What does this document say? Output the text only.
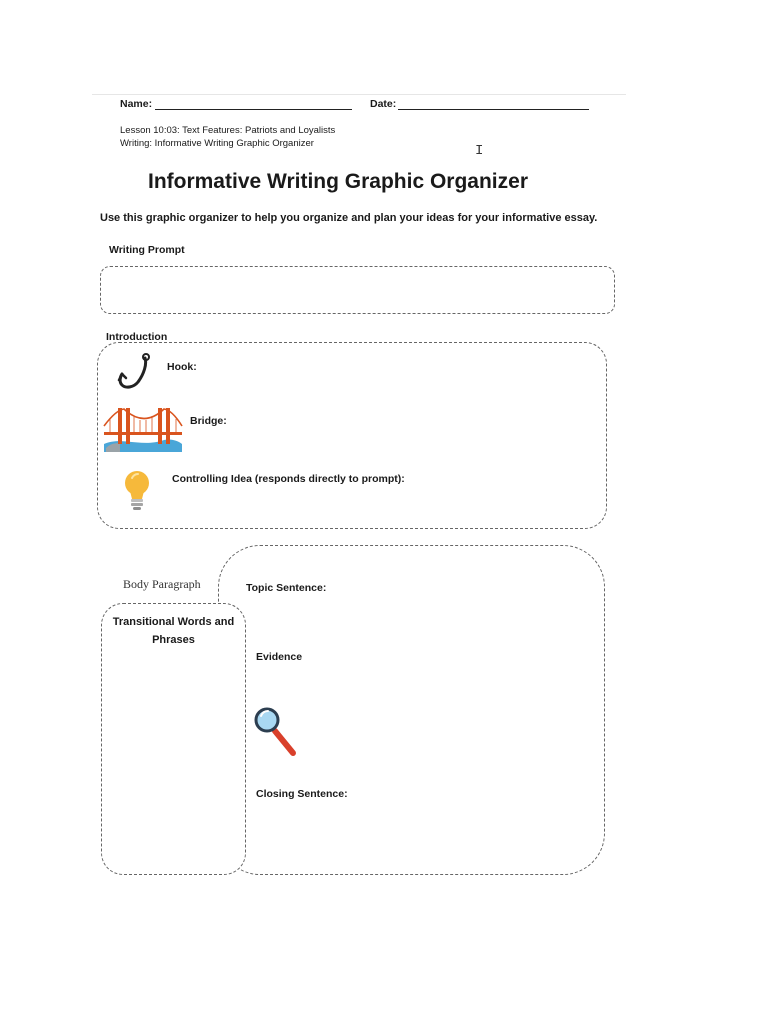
Name:	Date:
Lesson 10:03: Text Features: Patriots and Loyalists
Writing: Informative Writing Graphic Organizer	I
Informative Writing Graphic Organizer
Use this graphic organizer to help you organize and plan your ideas for your informative essay.
Writing Prompt
Introduction
Hook:
Bridge:
Controlling Idea (responds directly to prompt):
Body Paragraph
Transitional Words and
Phrases
Topic Sentence:
Evidence
Closing Sentence:
